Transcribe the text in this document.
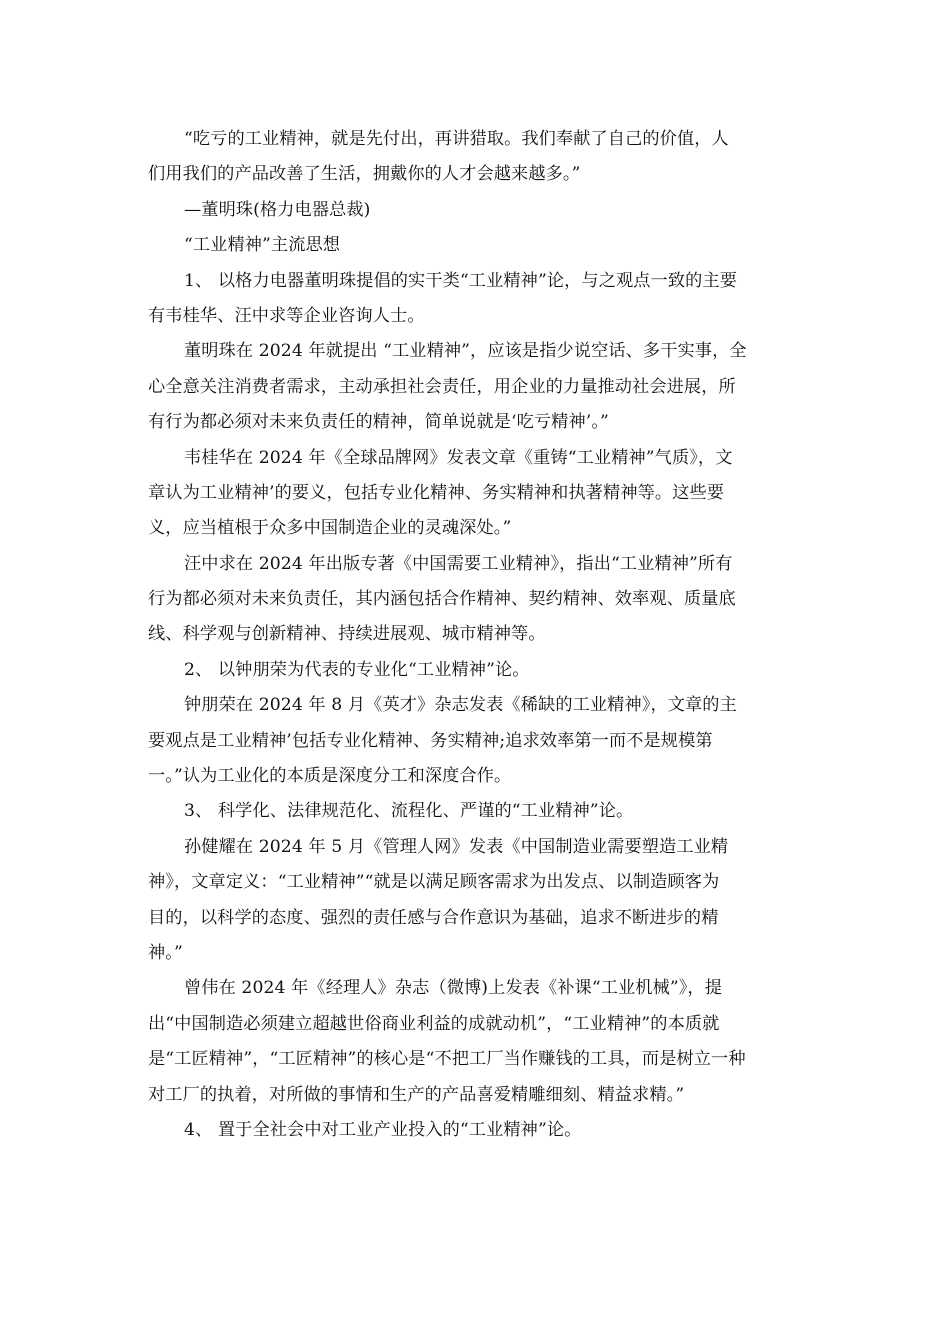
“吃亏的工业精神，就是先付出，再讲猎取。我们奉献了自己的价值，人
们用我们的产品改善了生活，拥戴你的人才会越来越多。”
—董明珠(格力电器总裁)
“工业精神”主流思想
1、 以格力电器董明珠提倡的实干类“工业精神”论，与之观点一致的主要
有韦桂华、汪中求等企业咨询人士。
董明珠在 2024 年就提出 “工业精神”，应该是指少说空话、多干实事，全
心全意关注消费者需求，主动承担社会责任，用企业的力量推动社会进展，所
有行为都必须对未来负责任的精神，简单说就是‘吃亏精神’。”
韦桂华在 2024 年《全球品牌网》发表文章《重铸“工业精神”气质》，文
章认为工业精神’的要义，包括专业化精神、务实精神和执著精神等。这些要
义，应当植根于众多中国制造企业的灵魂深处。”
汪中求在 2024 年出版专著《中国需要工业精神》，指出“工业精神”所有
行为都必须对未来负责任，其内涵包括合作精神、契约精神、效率观、质量底
线、科学观与创新精神、持续进展观、城市精神等。
2、 以钟朋荣为代表的专业化“工业精神”论。
钟朋荣在 2024 年 8 月《英才》杂志发表《稀缺的工业精神》，文章的主
要观点是工业精神’包括专业化精神、务实精神;追求效率第一而不是规模第
一。”认为工业化的本质是深度分工和深度合作。
3、 科学化、法律规范化、流程化、严谨的“工业精神”论。
孙健耀在 2024 年 5 月《管理人网》发表《中国制造业需要塑造工业精
神》，文章定义：“工业精神”“就是以满足顾客需求为出发点、以制造顾客为
目的，以科学的态度、强烈的责任感与合作意识为基础，追求不断进步的精
神。”
曾伟在 2024 年《经理人》杂志（微博)上发表《补课“工业机械”》，提
出“中国制造必须建立超越世俗商业利益的成就动机”，“工业精神”的本质就
是“工匠精神”，“工匠精神”的核心是“不把工厂当作赚钱的工具，而是树立一种
对工厂的执着，对所做的事情和生产的产品喜爱精雕细刻、精益求精。”
4、 置于全社会中对工业产业投入的“工业精神”论。
